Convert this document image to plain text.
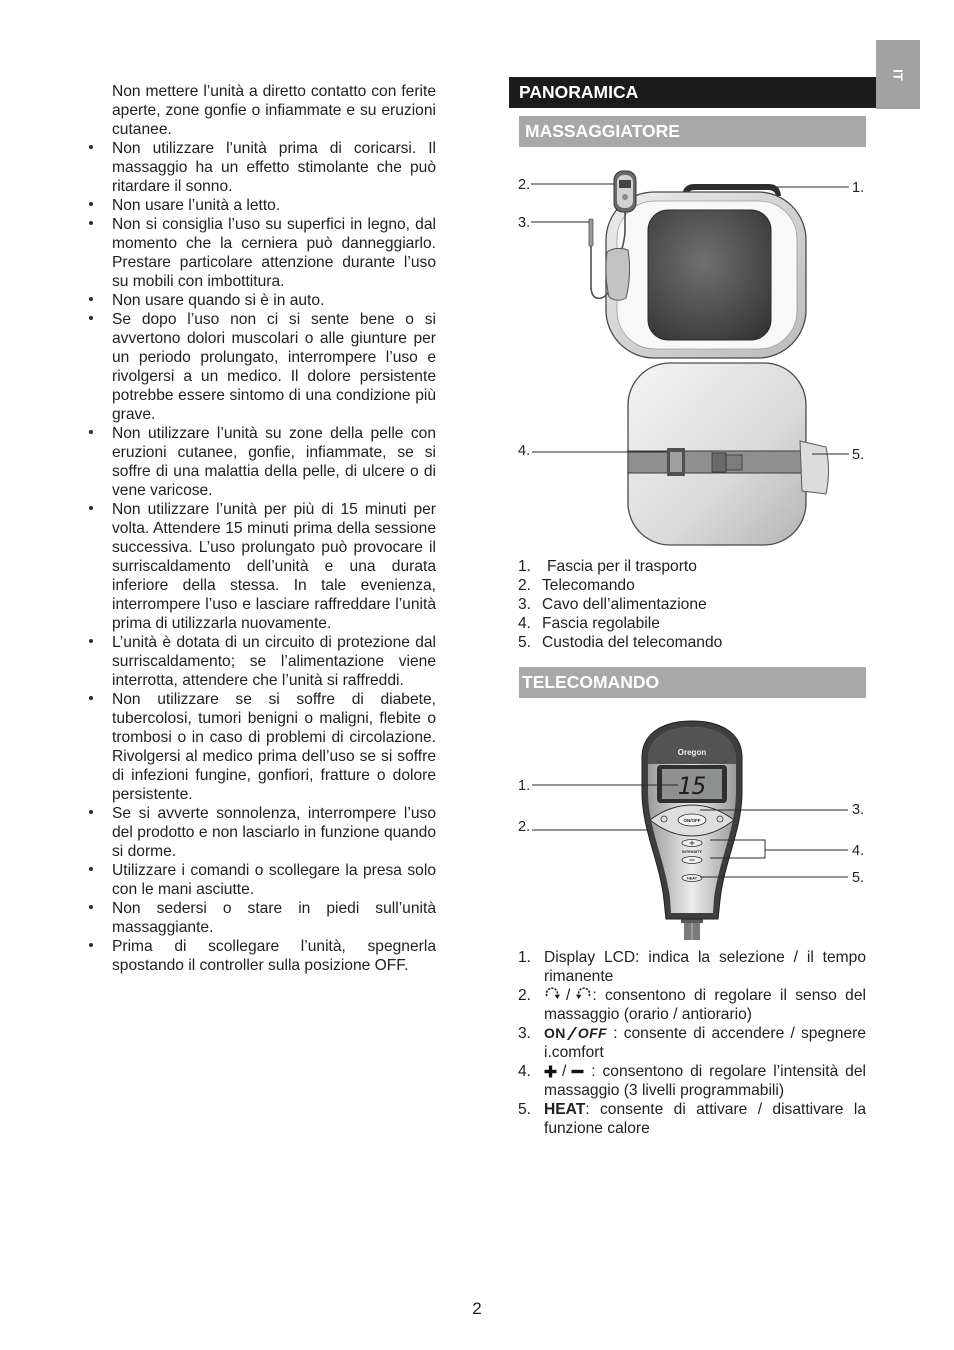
Non mettere l’unità a diretto contatto con ferite aperte, zone gonfie o infiammate e su eruzioni cutanee.

Non utilizzare l’unità prima di coricarsi. Il massaggio ha un effetto stimolante che può ritardare il sonno.
Non usare l’unità a letto.
Non si consiglia l’uso su superfici in legno, dal momento che la cerniera può danneggiarlo. Prestare particolare attenzione durante l’uso su mobili con imbottitura.
Non usare quando si è in auto.
Se dopo l’uso non ci si sente bene o si avvertono dolori muscolari o alle giunture per un periodo prolungato, interrompere l’uso e rivolgersi a un medico. Il dolore persistente potrebbe essere sintomo di una condizione più grave.
Non utilizzare l’unità su zone della pelle con eruzioni cutanee, gonfie, infiammate, se si soffre di una malattia della pelle, di ulcere o di vene varicose.
Non utilizzare l’unità per più di 15 minuti per volta. Attendere 15 minuti prima della sessione successiva. L’uso prolungato può provocare il surriscaldamento dell’unità e una durata inferiore della stessa. In tale evenienza, interrompere l’uso e lasciare raffreddare l’unità prima di utilizzarla nuovamente.
L’unità è dotata di un circuito di protezione dal surriscaldamento; se l’alimentazione viene interrotta, attendere che l’unità si raffreddi.
Non utilizzare se si soffre di diabete, tubercolosi, tumori benigni o maligni, flebite o trombosi o in caso di problemi di circolazione. Rivolgersi al medico prima dell’uso se si soffre di infezioni fungine, gonfiori, fratture o dolore persistente.
Se si avverte sonnolenza, interrompere l’uso del prodotto e non lasciarlo in funzione quando si dorme.
Utilizzare i comandi o scollegare la presa solo con le mani asciutte.
Non sedersi o stare in piedi sull’unità massaggiante.
Prima di scollegare l’unità, spegnerla spostando il controller sulla posizione OFF.
IT
PANORAMICA
MASSAGGIATORE
2.
3.
1.
4.	5.
1.	Fascia per il trasporto
2. Telecomando
3. Cavo dell’alimentazione
4. Fascia regolabile
5. Custodia del telecomando
TELECOMANDO
Oregon
15
ON/OFF
INTENSITY
HEAT
1.
2.
3.
4.
5.
1. Display LCD: indica la selezione / il tempo rimanente
2.	/ : consentono di regolare il senso del massaggio (orario / antiorario)
3. ON OFF : consente di accendere / spegnere i.comfort
4.	/ : consentono di regolare l’intensità del massaggio (3 livelli programmabili)
5. HEAT: consente di attivare / disattivare la funzione calore
2
